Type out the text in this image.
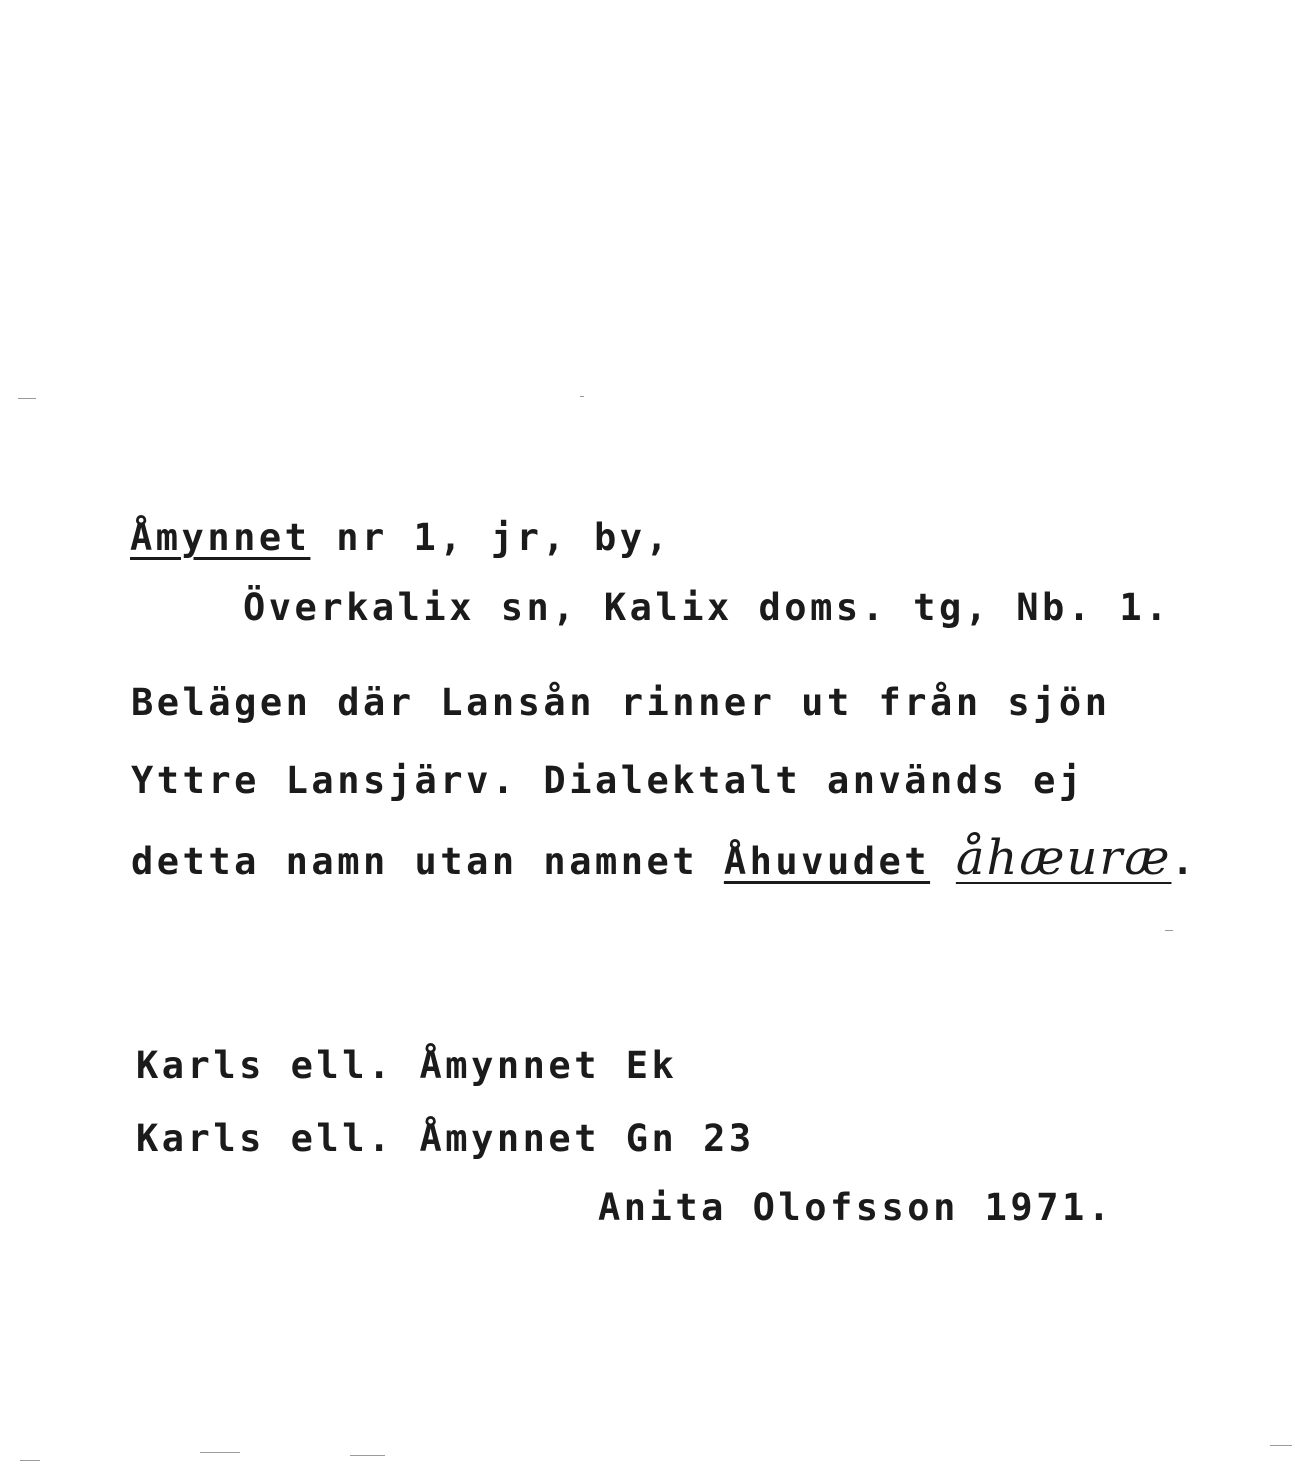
Åmynnet nr 1, jr, by,
Överkalix sn, Kalix doms. tg, Nb. 1.
Belägen där Lansån rinner ut från sjön
Yttre Lansjärv. Dialektalt används ej
detta namn utan namnet Åhuvudet åhæuræ.
Karls ell. Åmynnet Ek
Karls ell. Åmynnet Gn 23
Anita Olofsson 1971.
